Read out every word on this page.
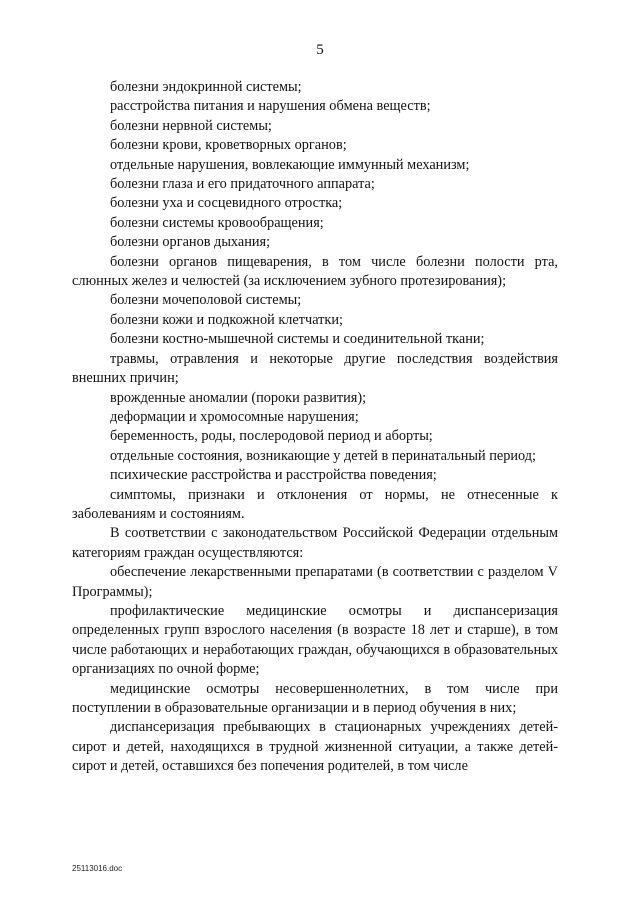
5

болезни эндокринной системы;

расстройства питания и нарушения обмена веществ;

болезни нервной системы;

болезни крови, кроветворных органов;

отдельные нарушения, вовлекающие иммунный механизм;

болезни глаза и его придаточного аппарата;

болезни уха и сосцевидного отростка;

болезни системы кровообращения;

болезни органов дыхания;

болезни органов пищеварения, в том числе болезни полости рта, слюнных желез и челюстей (за исключением зубного протезирования);

болезни мочеполовой системы;

болезни кожи и подкожной клетчатки;

болезни костно-мышечной системы и соединительной ткани;

травмы, отравления и некоторые другие последствия воздействия внешних причин;

врожденные аномалии (пороки развития);

деформации и хромосомные нарушения;

беременность, роды, послеродовой период и аборты;

отдельные состояния, возникающие у детей в перинатальный период;

психические расстройства и расстройства поведения;

симптомы, признаки и отклонения от нормы, не отнесенные к заболеваниям и состояниям.

В соответствии с законодательством Российской Федерации отдельным категориям граждан осуществляются:

обеспечение лекарственными препаратами (в соответствии с разделом V Программы);

профилактические медицинские осмотры и диспансеризация определенных групп взрослого населения (в возрасте 18 лет и старше), в том числе работающих и неработающих граждан, обучающихся в образовательных организациях по очной форме;

медицинские осмотры несовершеннолетних, в том числе при поступлении в образовательные организации и в период обучения в них;

диспансеризация пребывающих в стационарных учреждениях детей-сирот и детей, находящихся в трудной жизненной ситуации, а также детей-сирот и детей, оставшихся без попечения родителей, в том числе

25113016.doc
